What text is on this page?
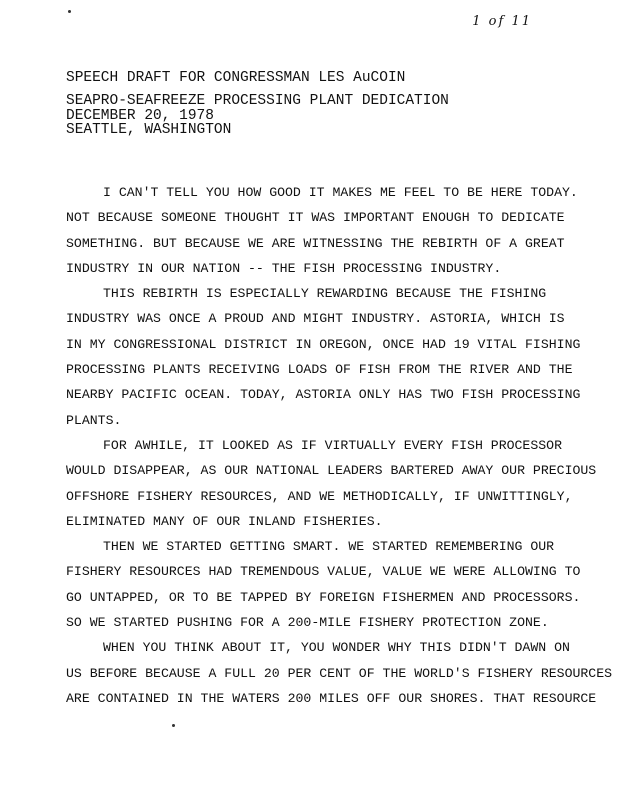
1 of 11
SPEECH DRAFT FOR CONGRESSMAN LES AuCOIN
SEAPRO-SEAFREEZE PROCESSING PLANT DEDICATION
DECEMBER 20, 1978
SEATTLE, WASHINGTON
I CAN'T TELL YOU HOW GOOD IT MAKES ME FEEL TO BE HERE TODAY.
NOT BECAUSE SOMEONE THOUGHT IT WAS IMPORTANT ENOUGH TO DEDICATE
SOMETHING. BUT BECAUSE WE ARE WITNESSING THE REBIRTH OF A GREAT
INDUSTRY IN OUR NATION -- THE FISH PROCESSING INDUSTRY.
THIS REBIRTH IS ESPECIALLY REWARDING BECAUSE THE FISHING
INDUSTRY WAS ONCE A PROUD AND MIGHT INDUSTRY. ASTORIA, WHICH IS
IN MY CONGRESSIONAL DISTRICT IN OREGON, ONCE HAD 19 VITAL FISHING
PROCESSING PLANTS RECEIVING LOADS OF FISH FROM THE RIVER AND THE
NEARBY PACIFIC OCEAN. TODAY, ASTORIA ONLY HAS TWO FISH PROCESSING
PLANTS.
FOR AWHILE, IT LOOKED AS IF VIRTUALLY EVERY FISH PROCESSOR
WOULD DISAPPEAR, AS OUR NATIONAL LEADERS BARTERED AWAY OUR PRECIOUS
OFFSHORE FISHERY RESOURCES, AND WE METHODICALLY, IF UNWITTINGLY,
ELIMINATED MANY OF OUR INLAND FISHERIES.
THEN WE STARTED GETTING SMART. WE STARTED REMEMBERING OUR
FISHERY RESOURCES HAD TREMENDOUS VALUE, VALUE WE WERE ALLOWING TO
GO UNTAPPED, OR TO BE TAPPED BY FOREIGN FISHERMEN AND PROCESSORS.
SO WE STARTED PUSHING FOR A 200-MILE FISHERY PROTECTION ZONE.
WHEN YOU THINK ABOUT IT, YOU WONDER WHY THIS DIDN'T DAWN ON
US BEFORE BECAUSE A FULL 20 PER CENT OF THE WORLD'S FISHERY RESOURCES
ARE CONTAINED IN THE WATERS 200 MILES OFF OUR SHORES. THAT RESOURCE
